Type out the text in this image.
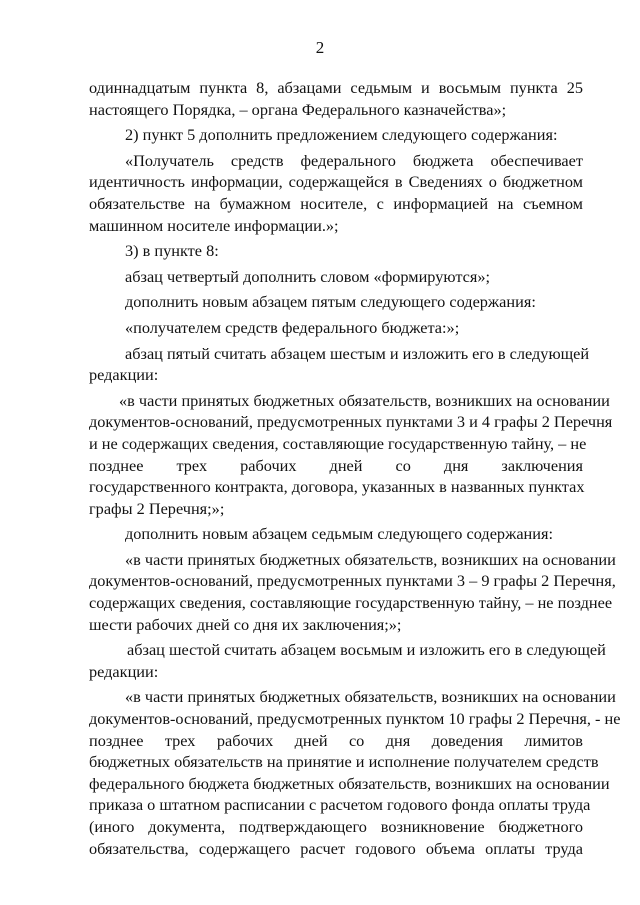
2
одиннадцатым пункта 8, абзацами седьмым и восьмым пункта 25
настоящего Порядка, – органа Федерального казначейства»;
2) пункт 5 дополнить предложением следующего содержания:
«Получатель средств федерального бюджета обеспечивает
идентичность информации, содержащейся в Сведениях о бюджетном
обязательстве на бумажном носителе, с информацией на съемном
машинном носителе информации.»;
3) в пункте 8:
абзац четвертый дополнить словом «формируются»;
дополнить новым абзацем пятым следующего содержания:
«получателем средств федерального бюджета:»;
абзац пятый считать абзацем шестым и изложить его в следующей
редакции:
«в части принятых бюджетных обязательств, возникших на основании
документов-оснований, предусмотренных пунктами 3 и 4 графы 2 Перечня
и не содержащих сведения, составляющие государственную тайну, – не
позднее трех рабочих дней со дня заключения
государственного контракта, договора, указанных в названных пунктах
графы 2 Перечня;»;
дополнить новым абзацем седьмым следующего содержания:
«в части принятых бюджетных обязательств, возникших на основании
документов-оснований, предусмотренных пунктами 3 – 9 графы 2 Перечня,
содержащих сведения, составляющие государственную тайну, – не позднее
шести рабочих дней со дня их заключения;»;
абзац шестой считать абзацем восьмым и изложить его в следующей
редакции:
«в части принятых бюджетных обязательств, возникших на основании
документов-оснований, предусмотренных пунктом 10 графы 2 Перечня, - не
позднее трех рабочих дней со дня доведения лимитов
бюджетных обязательств на принятие и исполнение получателем средств
федерального бюджета бюджетных обязательств, возникших на основании
приказа о штатном расписании с расчетом годового фонда оплаты труда
(иного документа, подтверждающего возникновение бюджетного
обязательства, содержащего расчет годового объема оплаты труда
